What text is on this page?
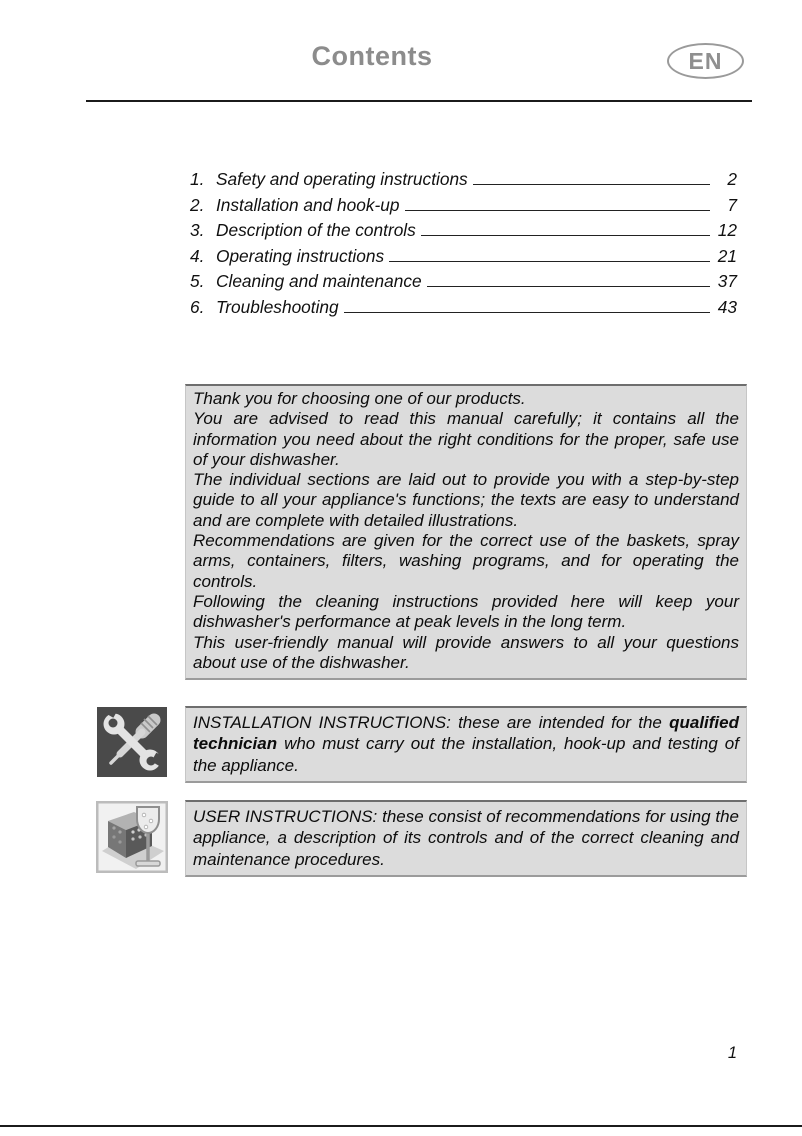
Contents	EN
1. Safety and operating instructions	2
2. Installation and hook-up	7
3. Description of the controls	12
4. Operating instructions	21
5. Cleaning and maintenance	37
6. Troubleshooting	43
Thank you for choosing one of our products.
You are advised to read this manual carefully; it contains all the information you need about the right conditions for the proper, safe use of your dishwasher.
The individual sections are laid out to provide you with a step-by-step guide to all your appliance's functions; the texts are easy to understand and are complete with detailed illustrations.
Recommendations are given for the correct use of the baskets, spray arms, containers, filters, washing programs, and for operating the controls.
Following the cleaning instructions provided here will keep your dishwasher's performance at peak levels in the long term.
This user-friendly manual will provide answers to all your questions about use of the dishwasher.
INSTALLATION INSTRUCTIONS: these are intended for the qualified technician who must carry out the installation, hook-up and testing of the appliance.
USER INSTRUCTIONS: these consist of recommendations for using the appliance, a description of its controls and of the correct cleaning and maintenance procedures.
1
